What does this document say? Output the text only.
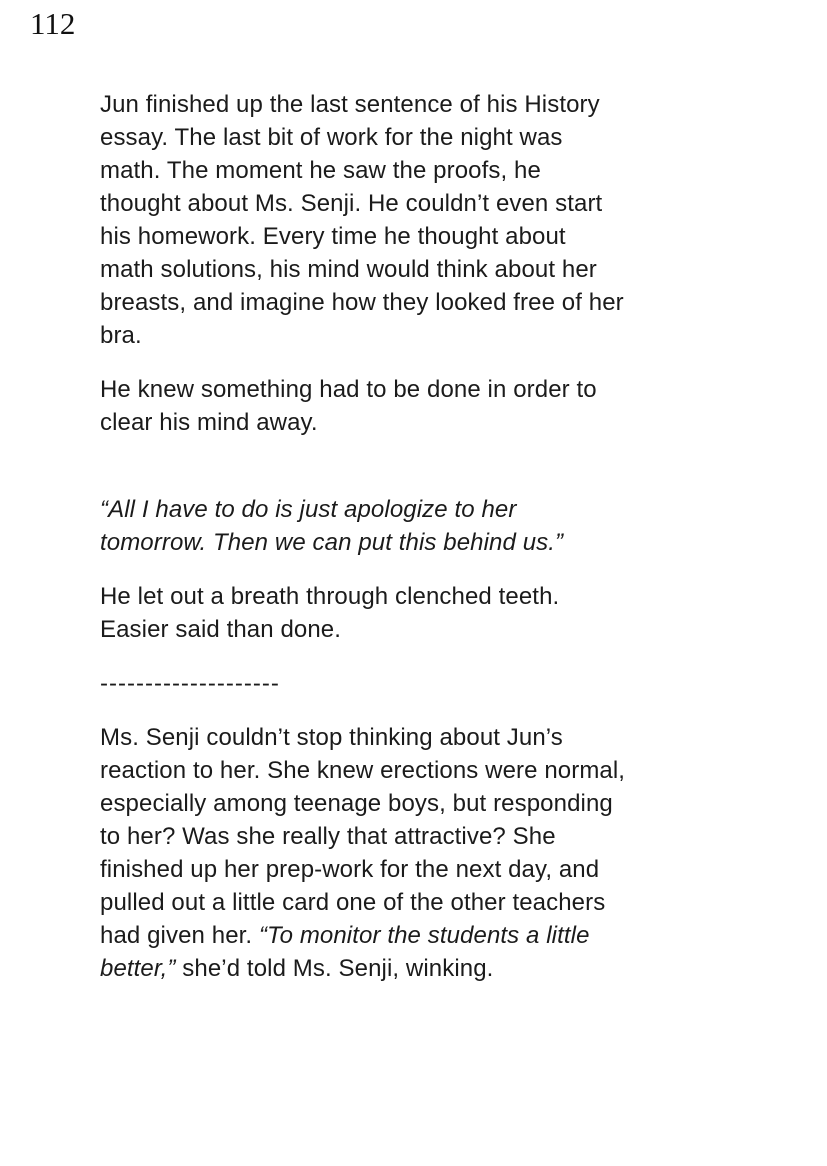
112
Jun finished up the last sentence of his History
essay. The last bit of work for the night was
math. The moment he saw the proofs, he
thought about Ms. Senji. He couldn’t even start
his homework. Every time he thought about
math solutions, his mind would think about her
breasts, and imagine how they looked free of her
bra.
He knew something had to be done in order to
clear his mind away.
“All I have to do is just apologize to her
tomorrow. Then we can put this behind us.”
He let out a breath through clenched teeth.
Easier said than done.
--------------------
Ms. Senji couldn’t stop thinking about Jun’s
reaction to her. She knew erections were normal,
especially among teenage boys, but responding
to her? Was she really that attractive? She
finished up her prep-work for the next day, and
pulled out a little card one of the other teachers
had given her. “To monitor the students a little
better,” she’d told Ms. Senji, winking.
